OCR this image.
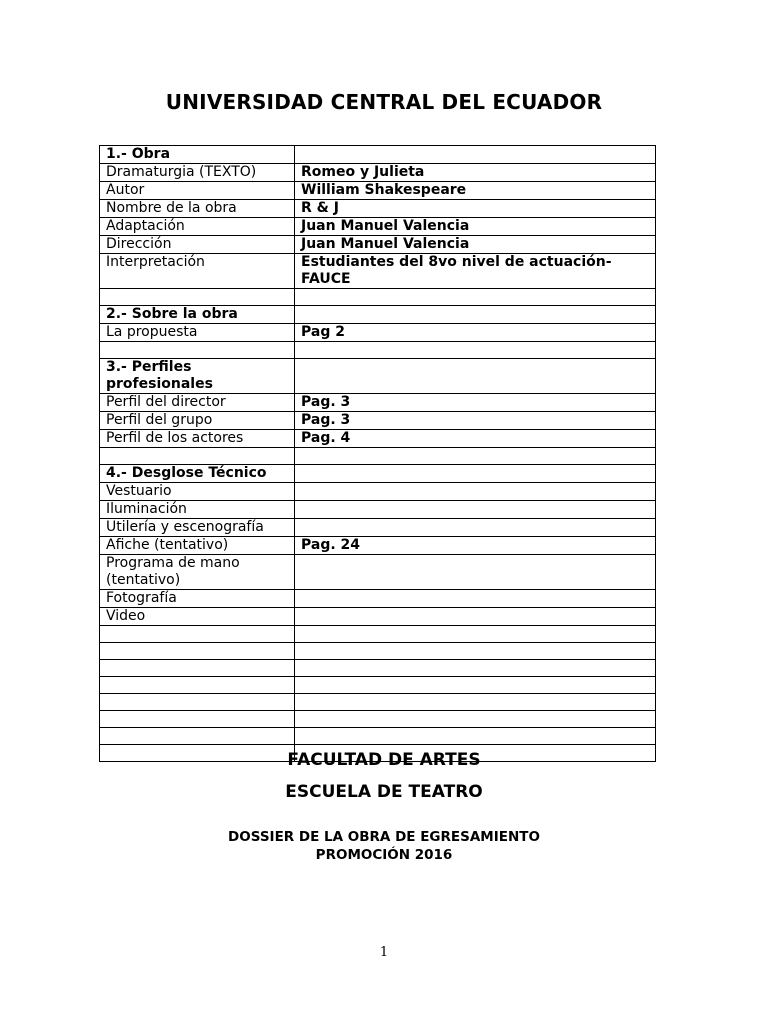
UNIVERSIDAD CENTRAL DEL ECUADOR
1.- Obra	
Dramaturgia (TEXTO)	Romeo y Julieta
Autor	William Shakespeare
Nombre de la obra	R & J
Adaptación	Juan Manuel Valencia
Dirección	Juan Manuel Valencia
Interpretación	Estudiantes del 8vo nivel de actuación-FAUCE

2.- Sobre la obra	
La propuesta	Pag 2

3.- Perfiles profesionales	
Perfil del director	Pag. 3
Perfil del grupo	Pag. 3
Perfil de los actores	Pag. 4

4.- Desglose Técnico	
Vestuario	
Iluminación	
Utilería y escenografía	
Afiche (tentativo)	Pag. 24
Programa de mano (tentativo)	
Fotografía	
Video	

FACULTAD DE ARTES
ESCUELA DE TEATRO
DOSSIER DE LA OBRA DE EGRESAMIENTO
PROMOCIÓN 2016
1
